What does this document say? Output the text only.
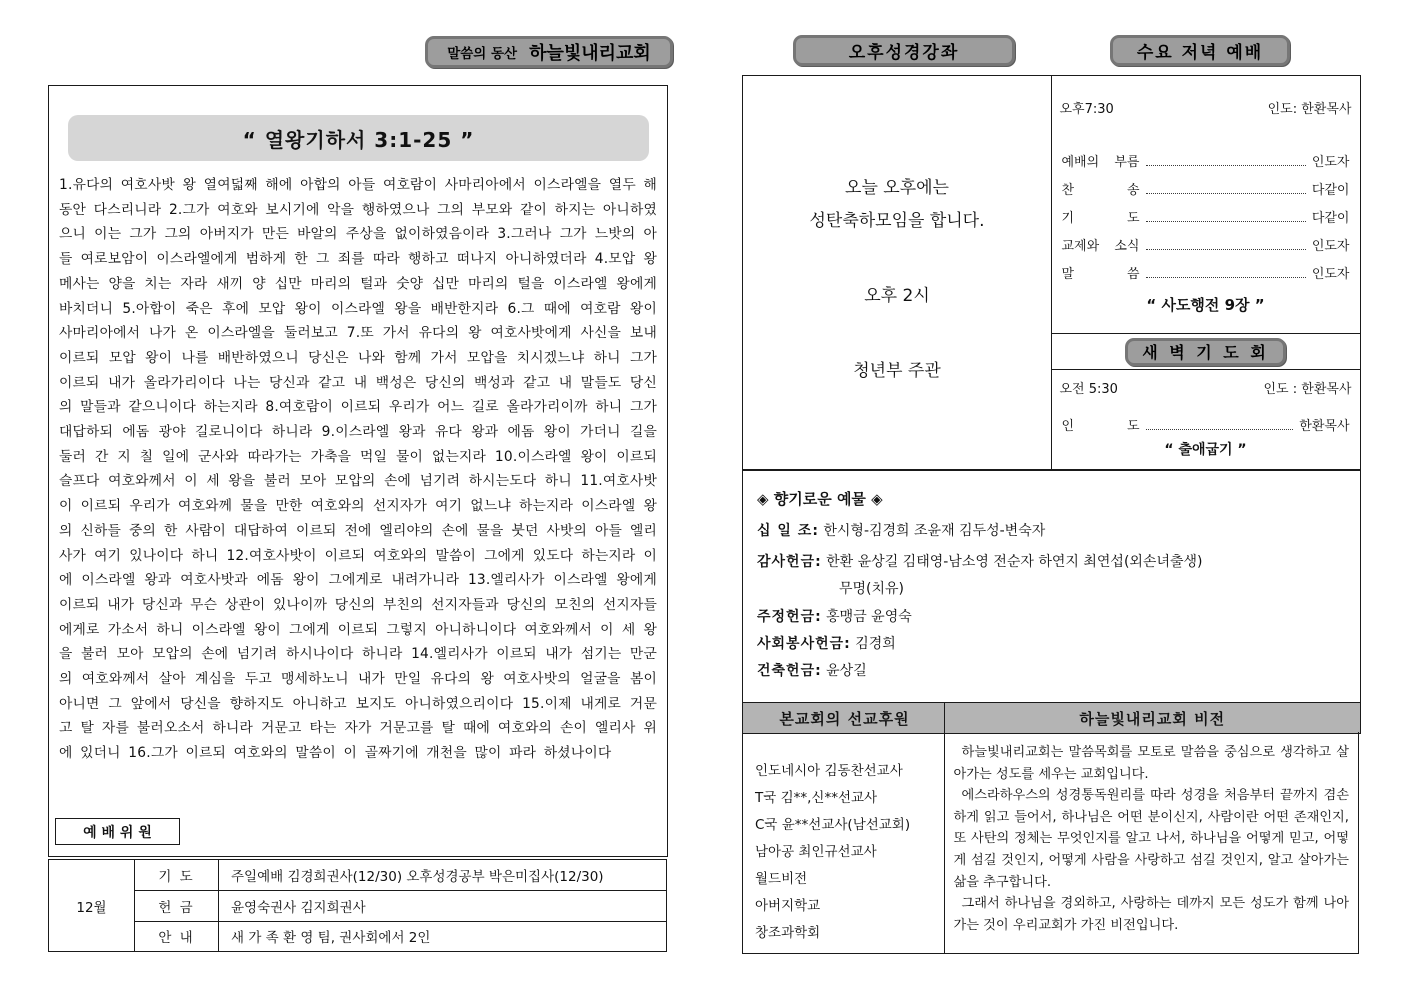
말씀의 동산 하늘빛내리교회
“ 열왕기하서 3:1-25 ”
1.유다의 여호사밧 왕 열여덟째 해에 아합의 아들 여호람이 사마리아에서 이스라엘을 열두 해 동안 다스리니라 2.그가 여호와 보시기에 악을 행하였으나 그의 부모와 같이 하지는 아니하였으니 이는 그가 그의 아버지가 만든 바알의 주상을 없이하였음이라 3.그러나 그가 느밧의 아들 여로보암이 이스라엘에게 범하게 한 그 죄를 따라 행하고 떠나지 아니하였더라 4.모압 왕 메사는 양을 치는 자라 새끼 양 십만 마리의 털과 숫양 십만 마리의 털을 이스라엘 왕에게 바치더니 5.아합이 죽은 후에 모압 왕이 이스라엘 왕을 배반한지라 6.그 때에 여호람 왕이 사마리아에서 나가 온 이스라엘을 둘러보고 7.또 가서 유다의 왕 여호사밧에게 사신을 보내 이르되 모압 왕이 나를 배반하였으니 당신은 나와 함께 가서 모압을 치시겠느냐 하니 그가 이르되 내가 올라가리이다 나는 당신과 같고 내 백성은 당신의 백성과 같고 내 말들도 당신의 말들과 같으니이다 하는지라 8.여호람이 이르되 우리가 어느 길로 올라가리이까 하니 그가 대답하되 에돔 광야 길로니이다 하니라 9.이스라엘 왕과 유다 왕과 에돔 왕이 가더니 길을 둘러 간 지 칠 일에 군사와 따라가는 가축을 먹일 물이 없는지라 10.이스라엘 왕이 이르되 슬프다 여호와께서 이 세 왕을 불러 모아 모압의 손에 넘기려 하시는도다 하니 11.여호사밧이 이르되 우리가 여호와께 물을 만한 여호와의 선지자가 여기 없느냐 하는지라 이스라엘 왕의 신하들 중의 한 사람이 대답하여 이르되 전에 엘리야의 손에 물을 붓던 사밧의 아들 엘리사가 여기 있나이다 하니 12.여호사밧이 이르되 여호와의 말씀이 그에게 있도다 하는지라 이에 이스라엘 왕과 여호사밧과 에돔 왕이 그에게로 내려가니라 13.엘리사가 이스라엘 왕에게 이르되 내가 당신과 무슨 상관이 있나이까 당신의 부친의 선지자들과 당신의 모친의 선지자들에게로 가소서 하니 이스라엘 왕이 그에게 이르되 그렇지 아니하니이다 여호와께서 이 세 왕을 불러 모아 모압의 손에 넘기려 하시나이다 하니라 14.엘리사가 이르되 내가 섬기는 만군의 여호와께서 살아 계심을 두고 맹세하노니 내가 만일 유다의 왕 여호사밧의 얼굴을 봄이 아니면 그 앞에서 당신을 향하지도 아니하고 보지도 아니하였으리이다 15.이제 내게로 거문고 탈 자를 불러오소서 하니라 거문고 타는 자가 거문고를 탈 때에 여호와의 손이 엘리사 위에 있더니 16.그가 이르되 여호와의 말씀이 이 골짜기에 개천을 많이 파라 하셨나이다
예 배 위 원
12월
기 도	주일예배 김경희권사(12/30) 오후성경공부 박은미집사(12/30)
헌 금	윤영숙권사 김지희권사
안 내	새 가 족 환 영 팀, 권사회에서 2인
오후성경강좌	수요 저녁 예배
오늘 오후에는
성탄축하모임을 합니다.
오후 2시
청년부 주관
오후7:30	인도: 한환목사
예배의 부름	인도자
찬 송	다같이
기 도	다같이
교제와 소식	인도자
말 씀	인도자
“ 사도행전 9장 ”
새 벽 기 도 회
오전 5:30	인도 : 한환목사
인 도	한환목사
“ 출애굽기 ”
◈ 향기로운 예물 ◈
십 일 조: 한시형-김경희 조윤재 김두성-변숙자
감사헌금: 한환 윤상길 김태영-남소영 전순자 하연지 최연섭(외손녀출생)
무명(치유)
주정헌금: 홍맹금 윤영숙
사회봉사헌금: 김경희
건축헌금: 윤상길
본교회의 선교후원	하늘빛내리교회 비전
인도네시아 김동찬선교사
T국 김**,신**선교사
C국 윤**선교사(남선교회)
남아공 최인규선교사
월드비전
아버지학교
창조과학회

하늘빛내리교회는 말씀목회를 모토로 말씀을 중심으로 생각하고 살아가는 성도를 세우는 교회입니다.

에스라하우스의 성경통독원리를 따라 성경을 처음부터 끝까지 겸손하게 읽고 들어서, 하나님은 어떤 분이신지, 사람이란 어떤 존재인지, 또 사탄의 정체는 무엇인지를 알고 나서, 하나님을 어떻게 믿고, 어떻게 섬길 것인지, 어떻게 사람을 사랑하고 섬길 것인지, 알고 살아가는 삶을 추구합니다.

그래서 하나님을 경외하고, 사랑하는 데까지 모든 성도가 함께 나아가는 것이 우리교회가 가진 비전입니다.
